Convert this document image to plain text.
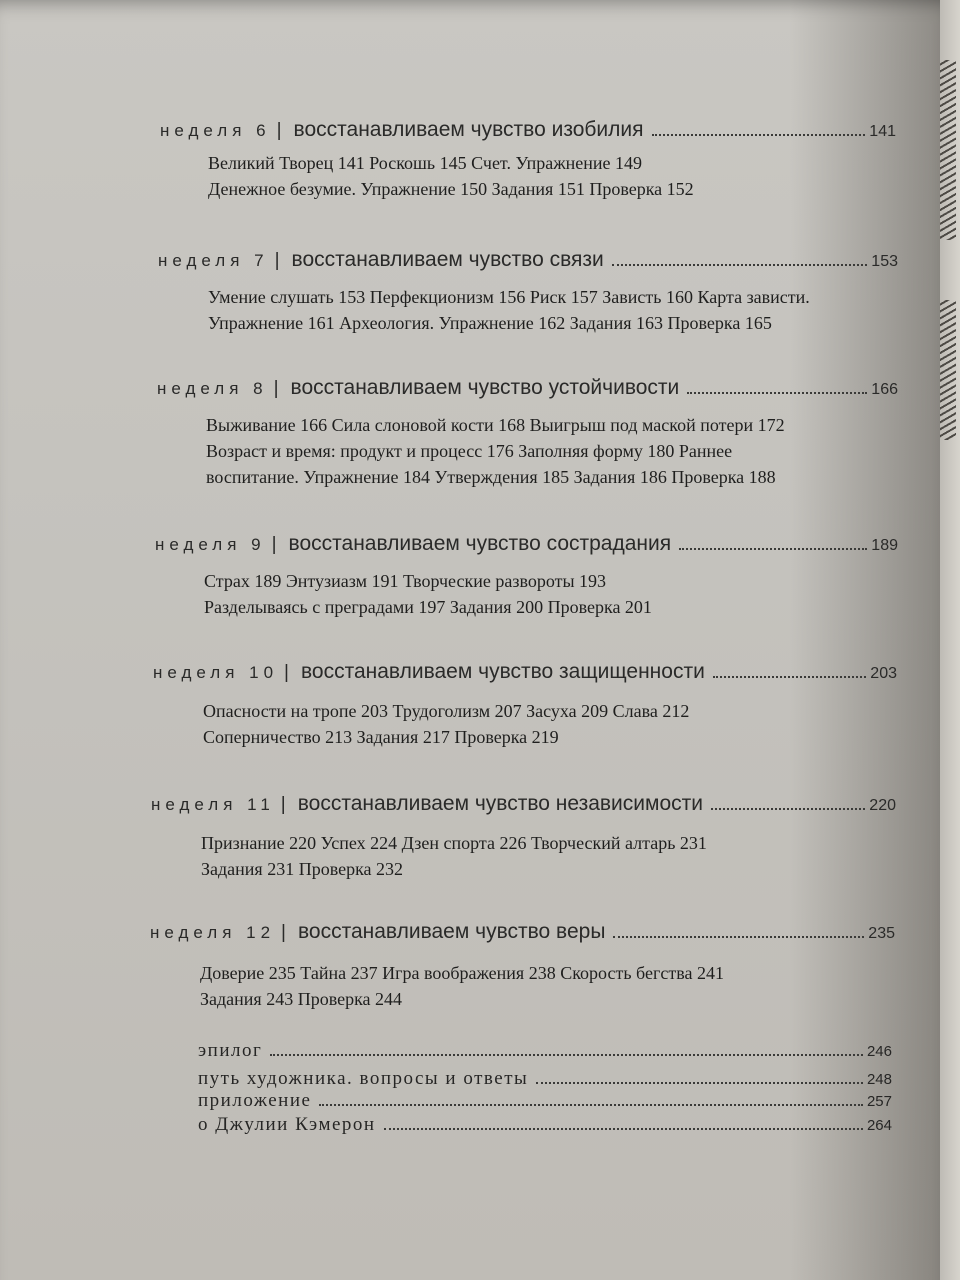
неделя 6 | восстанавливаем чувство изобилия	141
Великий Творец 141 Роскошь 145 Счет. Упражнение 149
Денежное безумие. Упражнение 150 Задания 151 Проверка 152
неделя 7 | восстанавливаем чувство связи	153
Умение слушать 153 Перфекционизм 156 Риск 157 Зависть 160 Карта зависти.
Упражнение 161 Археология. Упражнение 162 Задания 163 Проверка 165
неделя 8 | восстанавливаем чувство устойчивости	166
Выживание 166 Сила слоновой кости 168 Выигрыш под маской потери 172
Возраст и время: продукт и процесс 176 Заполняя форму 180 Раннее
воспитание. Упражнение 184 Утверждения 185 Задания 186 Проверка 188
неделя 9 | восстанавливаем чувство сострадания	189
Страх 189 Энтузиазм 191 Творческие развороты 193
Разделываясь с преградами 197 Задания 200 Проверка 201
неделя 10 | восстанавливаем чувство защищенности	203
Опасности на тропе 203 Трудоголизм 207 Засуха 209 Слава 212
Соперничество 213 Задания 217 Проверка 219
неделя 11 | восстанавливаем чувство независимости	220
Признание 220 Успех 224 Дзен спорта 226 Творческий алтарь 231
Задания 231 Проверка 232
неделя 12 | восстанавливаем чувство веры	235
Доверие 235 Тайна 237 Игра воображения 238 Скорость бегства 241
Задания 243 Проверка 244
эпилог	246
путь художника. вопросы и ответы	248
приложение	257
о Джулии Кэмерон	264
